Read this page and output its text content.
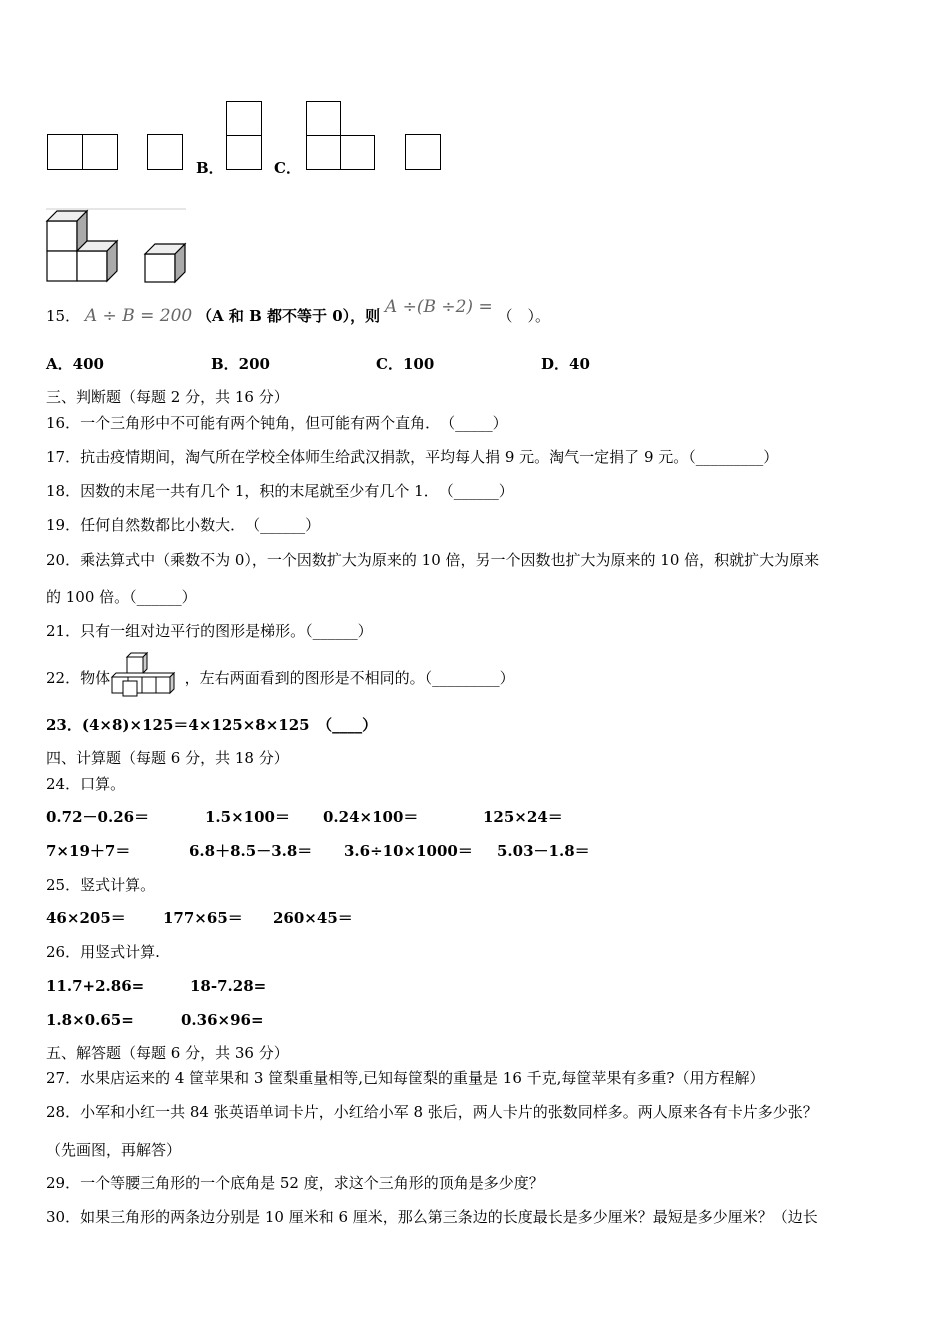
B．	C．
15． A ÷ B = 200 （A 和 B 都不等于 0），则 A ÷(B ÷2) = （　）。
A．400	B．200	C．100	D．40
三、判断题（每题 2 分，共 16 分）
16．一个三角形中不可能有两个钝角，但可能有两个直角．　（_____）
17．抗击疫情期间，淘气所在学校全体师生给武汉捐款，平均每人捐 9 元。淘气一定捐了 9 元。（_________）
18．因数的末尾一共有几个 1，积的末尾就至少有几个 1．　（______）
19．任何自然数都比小数大．　（______）
20．乘法算式中（乘数不为 0），一个因数扩大为原来的 10 倍，另一个因数也扩大为原来的 10 倍，积就扩大为原来
的 100 倍。（______）
21．只有一组对边平行的图形是梯形。（______）
22．物体	，左右两面看到的图形是不相同的。（_________）
23．(4×8)×125＝4×125×8×125　（____）
四、计算题（每题 6 分，共 18 分）
24．口算。
0.72－0.26＝	1.5×100＝ 0.24×100＝	125×24＝
7×19＋7＝	6.8＋8.5－3.8＝ 3.6÷10×1000＝ 5.03－1.8＝
25．竖式计算。
46×205＝ 177×65＝ 260×45＝
26．用竖式计算.
11.7+2.86=	18-7.28=
1.8×0.65=	0.36×96=
五、解答题（每题 6 分，共 36 分）
27．水果店运来的 4 筐苹果和 3 筐梨重量相等,已知每筐梨的重量是 16 千克,每筐苹果有多重?（用方程解）
28．小军和小红一共 84 张英语单词卡片，小红给小军 8 张后，两人卡片的张数同样多。两人原来各有卡片多少张？
（先画图，再解答）
29．一个等腰三角形的一个底角是 52 度，求这个三角形的顶角是多少度？
30．如果三角形的两条边分别是 10 厘米和 6 厘米，那么第三条边的长度最长是多少厘米？最短是多少厘米？（边长
